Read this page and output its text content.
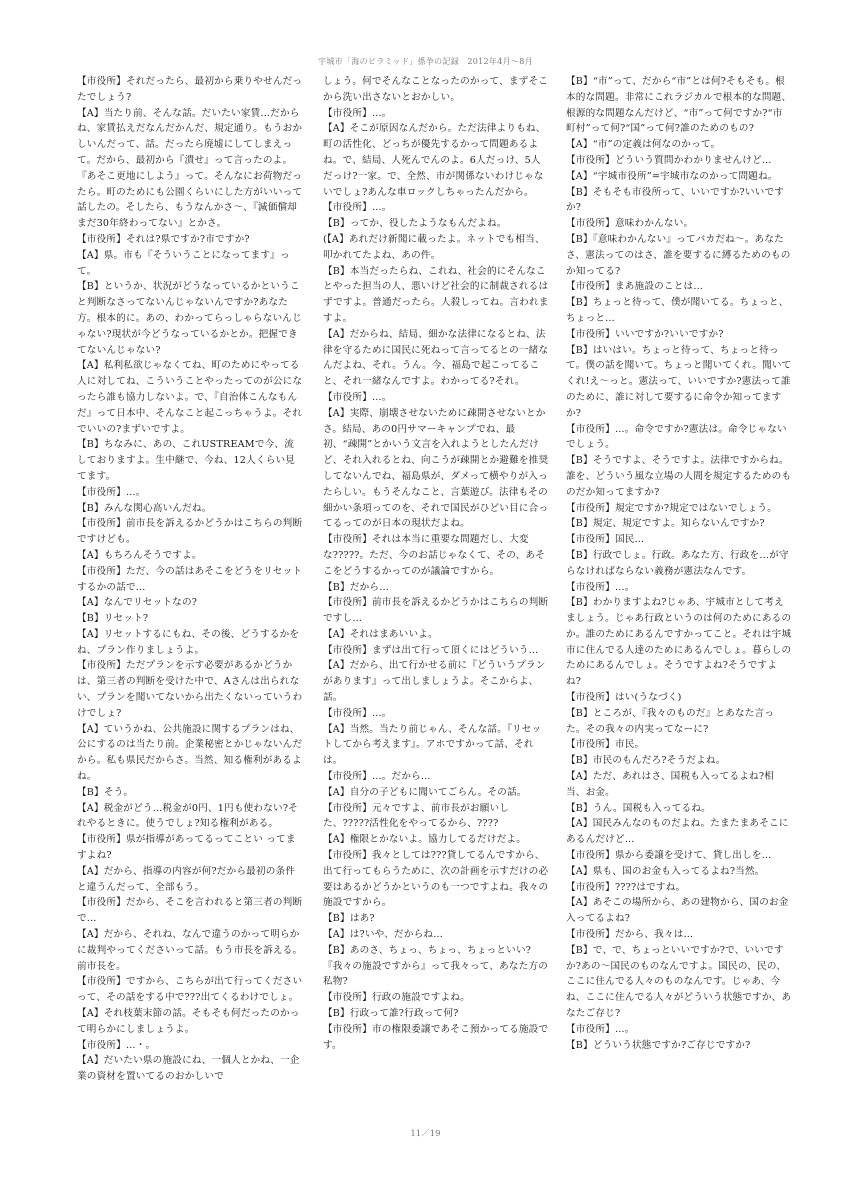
宇城市「海のピラミッド」係争の記録　2012年4月〜8月

【市役所】それだったら、最初から乗りやせんだったでしょう?

【A】当たり前、そんな話。だいたい家賃…だからね、家賃払えだなんだかんだ、規定通り。もうおかしいんだって、話。だったら廃墟にしてしまえって。だから、最初から『潰せ』って言ったのよ。『あそこ更地にしよう』って。そんなにお荷物だったら。町のためにも公園くらいにした方がいいって話したの。そしたら、もうなんかさ〜、『減価償却まだ30年終わってない』とかさ。

【市役所】それは?県ですか?市ですか?

【A】県。市も『そういうことになってます』って。

【B】というか、状況がどうなっているかということ判断なさってないんじゃないんですか?あなた方。根本的に。あの、わかってらっしゃらないんじゃない?現状が今どうなっているかとか。把握できてないんじゃない?

【A】私利私欲じゃなくてね、町のためにやってる人に対してね、こういうことやったってのが公になったら誰も協力しないよ。で、『自治体こんなもんだ』って日本中、そんなこと起こっちゃうよ。それでいいの?まずいですよ。

【B】ちなみに、あの、これUSTREAMで今、流しておりますよ。生中継で、今ね、12人くらい見てます。

【市役所】…。

【B】みんな関心高いんだね。

【市役所】前市長を訴えるかどうかはこちらの判断ですけども。

【A】もちろんそうですよ。

【市役所】ただ、今の話はあそこをどうをリセットするかの話で…

【A】なんでリセットなの?

【B】リセット?

【A】リセットするにもね、その後、どうするかをね、プラン作りましょうよ。

【市役所】ただプランを示す必要があるかどうかは、第三者の判断を受けた中で、Aさんは出られない、プランを聞いてないから出たくないっていうわけでしょ?

【A】ていうかね、公共施設に関するプランはね、公にするのは当たり前。企業秘密とかじゃないんだから。私も県民だからさ。当然、知る権利があるよね。

【B】そう。

【A】税金がどう…税金が0円、1円も使わない?それやるときに。使うでしょ?知る権利がある。

【市役所】県が指導があってるってことい ってますよね?

【A】だから、指導の内容が何?だから最初の条件と違うんだって、全部もう。

【市役所】だから、そこを言われると第三者の判断で…

【A】だから、それね、なんで違うのかって明らかに裁判やってくださいって話。もう市長を訴える。前市長を。

【市役所】ですから、こちらが出て行ってくださいって、その話をする中で???出てくるわけでしょ。

【A】それ枝葉末節の話。そもそも何だったのかって明らかにしましょうよ。

【市役所】…・。

【A】だいたい県の施設にね、一個人とかね、一企業の資材を置いてるのおかしいで

しょう。何でそんなことなったのかって、まずそこから洗い出さないとおかしい。

【市役所】…。

【A】そこが原因なんだから。ただ法律よりもね、町の活性化、どっちが優先するかって問題あるよね。で、結局、人死んでんのよ。6人だっけ、5人だっけ?一家。で、全然、市が関係ないわけじゃないでしょ?あんな車ロックしちゃったんだから。

【市役所】…。

【B】ってか、役したようなもんだよね。

(【A】あれだけ新聞に載ったよ。ネットでも相当、叩かれてたよね、あの件。

【B】本当だったらね、これね、社会的にそんなことやった担当の人、悪いけど社会的に制裁されるはずですよ。普通だったら。人殺しってね。言われますよ。

【A】だからね、結局、細かな法律になるとね、法律を守るために国民に死ねって言ってるとの一緒なんだよね、それ。うん。今、福島で起こってること、それ一緒なんですよ。わかってる?それ。

【市役所】…。

【A】実際、崩壊させないために疎開させないとかさ。結局、あの0円サマーキャンプでね、最初、“疎開”とかいう文言を入れようとしたんだけど、それ入れるとね、向こうが疎開とか避難を推奨してないんでね、福島県が、ダメって横やりが入ったらしい。もうそんなこと、言葉遊び。法律もその細かい条項ってのを、それで国民がひどい目に合ってるってのが日本の現状だよね。

【市役所】それは本当に重要な問題だし、大変な?????。ただ、今のお話じゃなくて、その、あそこをどうするかってのが議論ですから。

【B】だから…

【市役所】前市長を訴えるかどうかはこちらの判断ですし…

【A】それはまあいいよ。

【市役所】まずは出て行って頂くにはどういう…

【A】だから、出て行かせる前に『どういうプランがあります』って出しましょうよ。そこからよ、話。

【市役所】…。

【A】当然。当たり前じゃん、そんな話。『リセットしてから考えます』。アホですかって話、それは。

【市役所】…。だから…

【A】自分の子どもに聞いてごらん。その話。

【市役所】元々ですよ、前市長がお願いした、?????活性化をやってるから、????

【A】権限とかないよ。協力してるだけだよ。

【市役所】我々としては???貸してるんですから、出て行ってもらうために、次の計画を示すだけの必要はあるかどうかというのも一つですよね。我々の施設ですから。

【B】はあ?

【A】は?いや、だからね…

【B】あのさ、ちょっ、ちょっ、ちょっといい?『我々の施設ですから』って我々って、あなた方の私物?

【市役所】行政の施設ですよね。

【B】行政って誰?行政って何?

【市役所】市の権限委譲であそこ預かってる施設です。

【B】“市”って、だから“市”とは何?そもそも。根本的な問題。非常にこれラジカルで根本的な問題、根源的な問題なんだけど、“市”って何ですか?“市町村”って何?“国”って何?誰のためのもの?

【A】“市”の定義は何なのかって。

【市役所】どういう質問かわかりませんけど…

【A】“宇城市役所”=宇城市なのかって問題ね。

【B】そもそも市役所って、いいですか?いいですか?

【市役所】意味わかんない。

【B】『意味わかんない』ってバカだね〜。あなたさ、憲法ってのはさ、誰を要するに縛るためのものか知ってる?

【市役所】まあ施設のことは…

【B】ちょっと待って、僕が聞いてる。ちょっと、ちょっと…

【市役所】いいですか?いいですか?

【B】はいはい。ちょっと待って、ちょっと待って。僕の話を聞いて。ちょっと聞いてくれ。聞いてくれ!え〜っと。憲法って、いいですか?憲法って誰のために、誰に対して要するに命令か知ってますか?

【市役所】…。命令ですか?憲法は。命令じゃないでしょう。

【B】そうですよ、そうですよ。法律ですからね。誰を、どういう風な立場の人間を規定するためのものだか知ってますか?

【市役所】規定ですか?規定ではないでしょう。

【B】規定、規定ですよ。知らないんですか?

【市役所】国民…

【B】行政でしょ。行政。あなた方、行政を…が守らなければならない義務が憲法なんです。

【市役所】…。

【B】わかりますよね?じゃあ、宇城市として考えましょう。じゃあ行政というのは何のためにあるのか。誰のためにあるんですかってこと。それは宇城市に住んでる人達のためにあるんでしょ。暮らしのためにあるんでしょ。そうですよね?そうですよね?

【市役所】はい(うなづく)

【B】ところが、『我々のものだ』とあなた言った。その我々の内実ってなーに?

【市役所】市民。

【B】市民のもんだろ?そうだよね。

【A】ただ、あれはさ、国税も入ってるよね?相当、お金。

【B】うん。国税も入ってるね。

【A】国民みんなのものだよね。たまたまあそこにあるんだけど…

【市役所】県から委譲を受けて、貸し出しを…

【A】県も、国のお金も入ってるよね?当然。

【市役所】????はですね。

【A】あそこの場所から、あの建物から、国のお金入ってるよね?

【市役所】だから、我々は…

【B】で、で、ちょっといいですか?で、いいですか?あの〜国民のものなんですよ。国民の、民の、ここに住んでる人々のものなんです。じゃあ、今ね、ここに住んでる人々がどういう状態ですか、あなたご存じ?

【市役所】…。

【B】どういう状態ですか?ご存じですか?

11／19
